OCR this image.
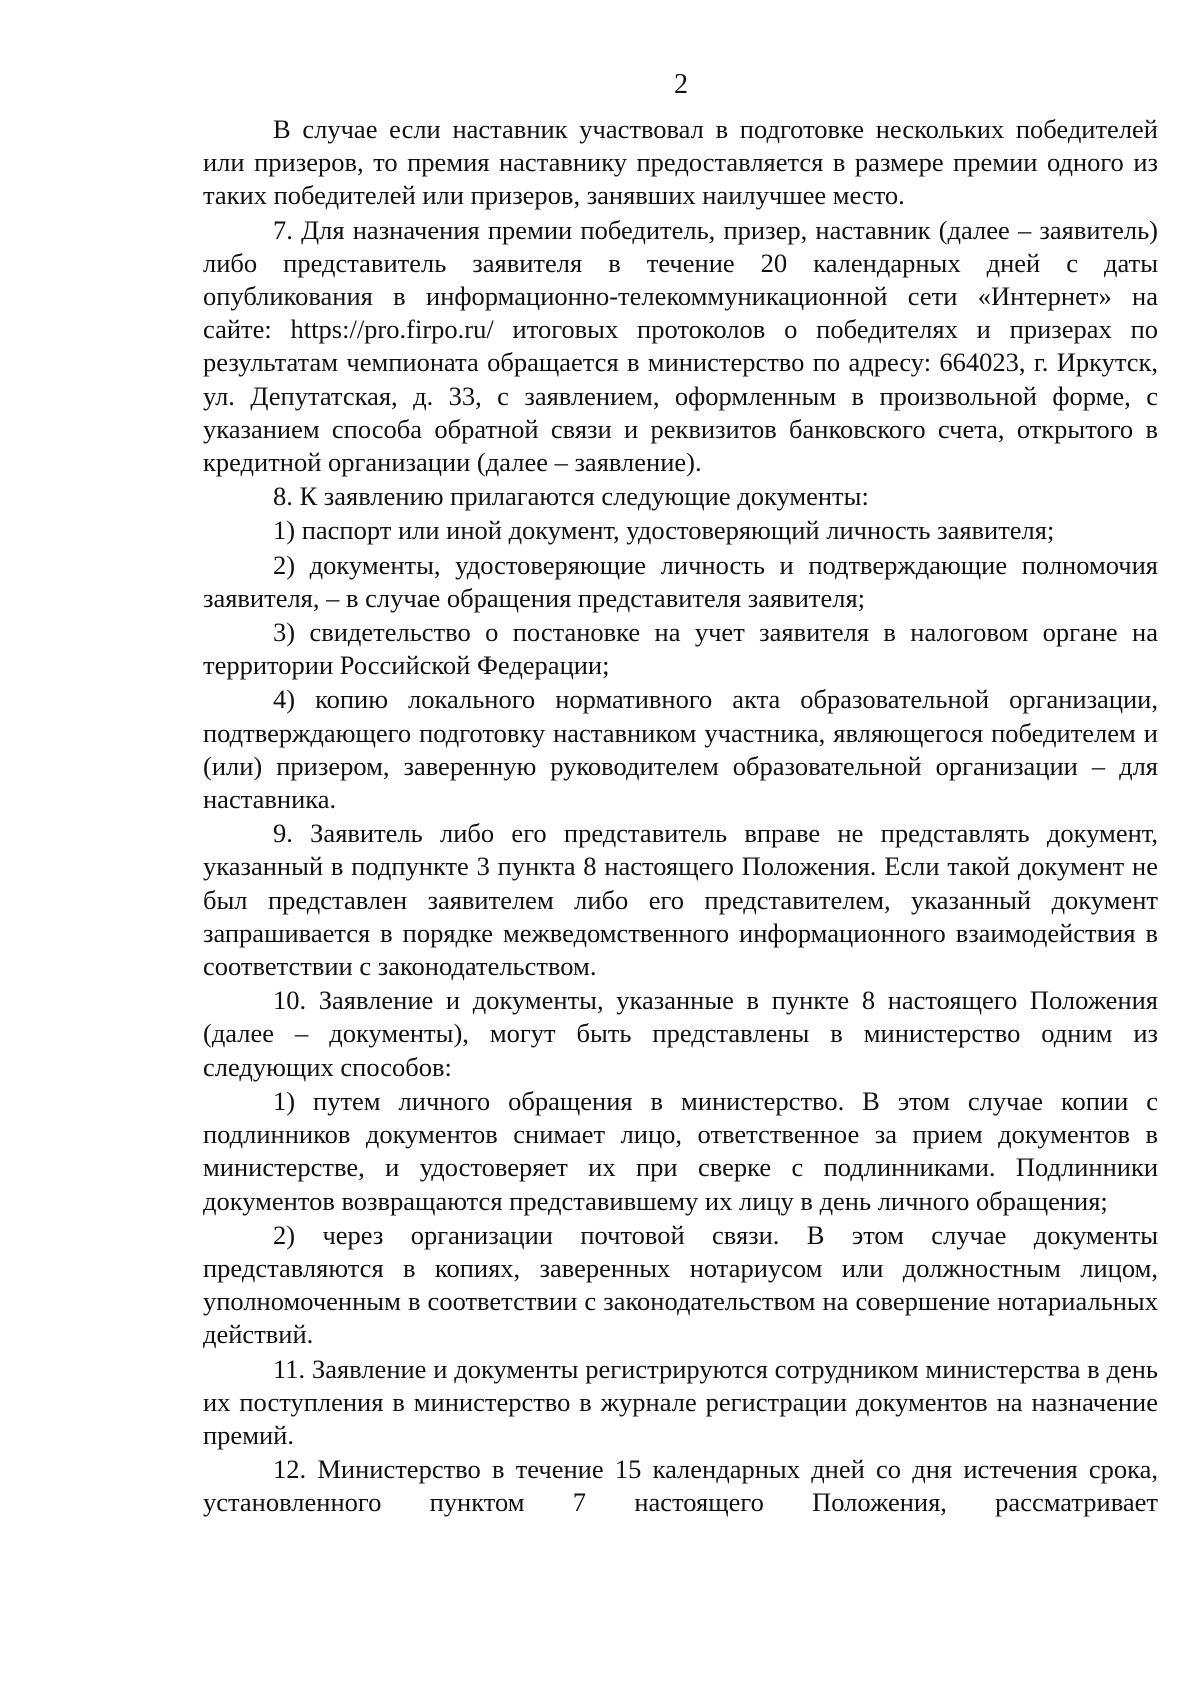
2

В случае если наставник участвовал в подготовке нескольких победителей или призеров, то премия наставнику предоставляется в размере премии одного из таких победителей или призеров, занявших наилучшее место.

7. Для назначения премии победитель, призер, наставник (далее – заявитель) либо представитель заявителя в течение 20 календарных дней с даты опубликования в информационно-телекоммуникационной сети «Интернет» на сайте: https://pro.firpo.ru/ итоговых протоколов о победителях и призерах по результатам чемпионата обращается в министерство по адресу: 664023, г. Иркутск, ул. Депутатская, д. 33, с заявлением, оформленным в произвольной форме, с указанием способа обратной связи и реквизитов банковского счета, открытого в кредитной организации (далее – заявление).

8. К заявлению прилагаются следующие документы:

1) паспорт или иной документ, удостоверяющий личность заявителя;

2) документы, удостоверяющие личность и подтверждающие полномочия заявителя, – в случае обращения представителя заявителя;

3) свидетельство о постановке на учет заявителя в налоговом органе на территории Российской Федерации;

4) копию локального нормативного акта образовательной организации, подтверждающего подготовку наставником участника, являющегося победителем и (или) призером, заверенную руководителем образовательной организации – для наставника.

9. Заявитель либо его представитель вправе не представлять документ, указанный в подпункте 3 пункта 8 настоящего Положения. Если такой документ не был представлен заявителем либо его представителем, указанный документ запрашивается в порядке межведомственного информационного взаимодействия в соответствии с законодательством.

10. Заявление и документы, указанные в пункте 8 настоящего Положения (далее – документы), могут быть представлены в министерство одним из следующих способов:

1) путем личного обращения в министерство. В этом случае копии с подлинников документов снимает лицо, ответственное за прием документов в министерстве, и удостоверяет их при сверке с подлинниками. Подлинники документов возвращаются представившему их лицу в день личного обращения;

2) через организации почтовой связи. В этом случае документы представляются в копиях, заверенных нотариусом или должностным лицом, уполномоченным в соответствии с законодательством на совершение нотариальных действий.

11. Заявление и документы регистрируются сотрудником министерства в день их поступления в министерство в журнале регистрации документов на назначение премий.

12. Министерство в течение 15 календарных дней со дня истечения срока, установленного пунктом 7 настоящего Положения, рассматривает
